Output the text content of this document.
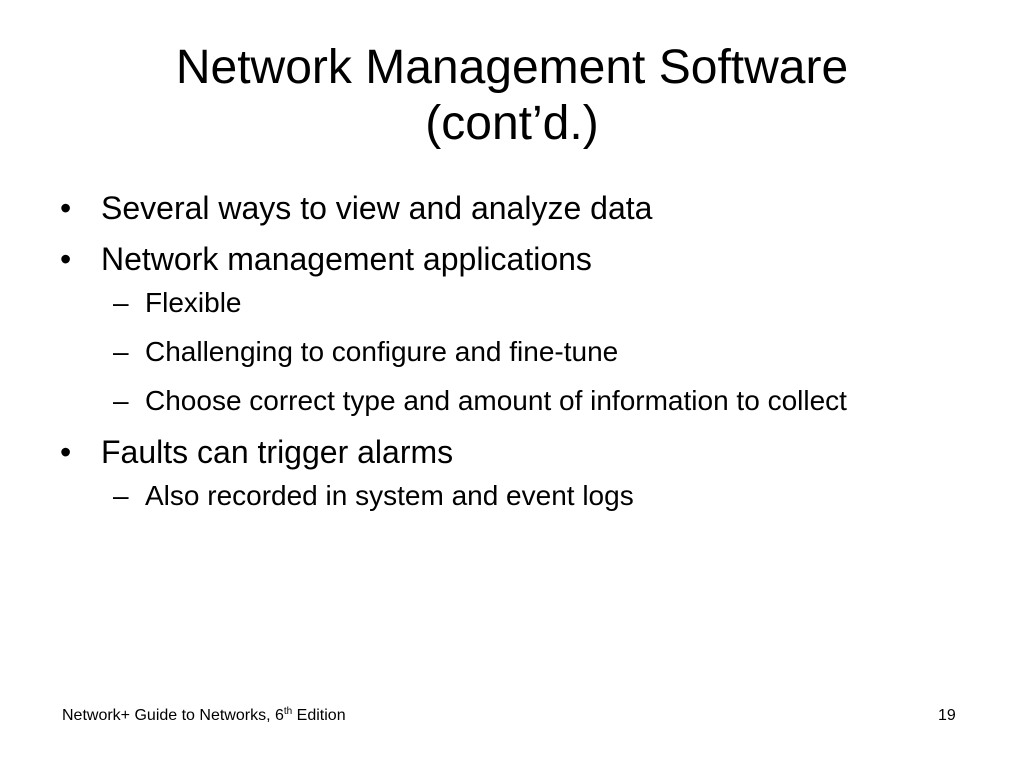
Network Management Software
(cont’d.)
• Several ways to view and analyze data
• Network management applications
– Flexible
– Challenging to configure and fine-tune
– Choose correct type and amount of information to collect
• Faults can trigger alarms
– Also recorded in system and event logs
Network+ Guide to Networks, 6th Edition	19
